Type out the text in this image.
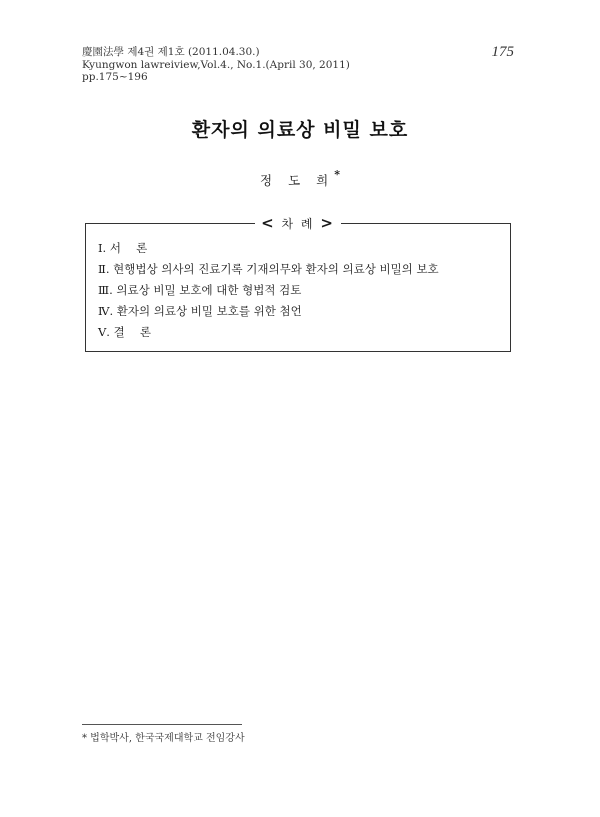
慶園法學 제4권 제1호 (2011.04.30.)
Kyungwon lawreiview,Vol.4., No.1.(April 30, 2011)
pp.175~196
175
환자의 의료상 비밀 보호
정 도 희*
< 차 례 >
Ⅰ. 서　 론
Ⅱ. 현행법상 의사의 진료기록 기재의무와 환자의 의료상 비밀의 보호
Ⅲ. 의료상 비밀 보호에 대한 형법적 검토
Ⅳ. 환자의 의료상 비밀 보호를 위한 첨언
Ⅴ. 결　 론
* 법학박사, 한국국제대학교 전임강사
